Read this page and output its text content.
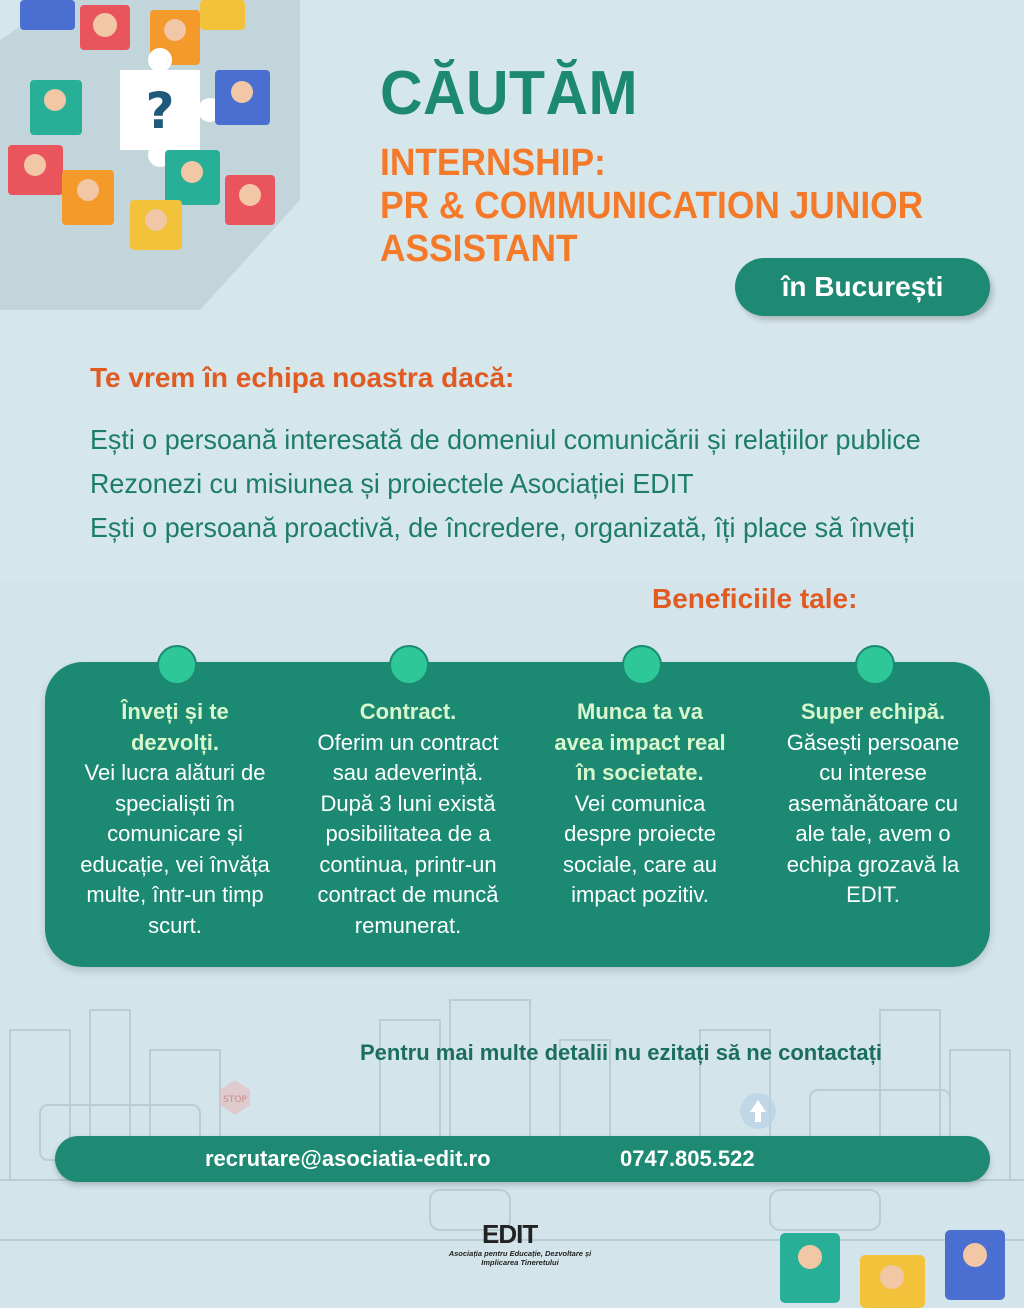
?	CĂUTĂM
INTERNSHIP:
PR & COMMUNICATION JUNIOR
ASSISTANT
în București
Te vrem în echipa noastra dacă:
Ești o persoană interesată de domeniul comunicării și relațiilor publice
Rezonezi cu misiunea și proiectele Asociației EDIT
Ești o persoană proactivă, de încredere, organizată, îți place să înveți
Beneficiile tale:
Înveți și te dezvolți.
Vei lucra alături de specialiști în comunicare și educație, vei învăța multe, într-un timp scurt.
Contract.
Oferim un contract sau adeverință. După 3 luni există posibilitatea de a continua, printr-un contract de muncă remunerat.
Munca ta va avea impact real în societate.
Vei comunica despre proiecte sociale, care au impact pozitiv.
Super echipă.
Găsești persoane cu interese asemănătoare cu ale tale, avem o echipa grozavă la EDIT.
STOP
Pentru mai multe detalii nu ezitați să ne contactați
recrutare@asociatia-edit.ro	0747.805.522
EDIT
Asociația pentru Educație, Dezvoltare și Implicarea Tineretului
